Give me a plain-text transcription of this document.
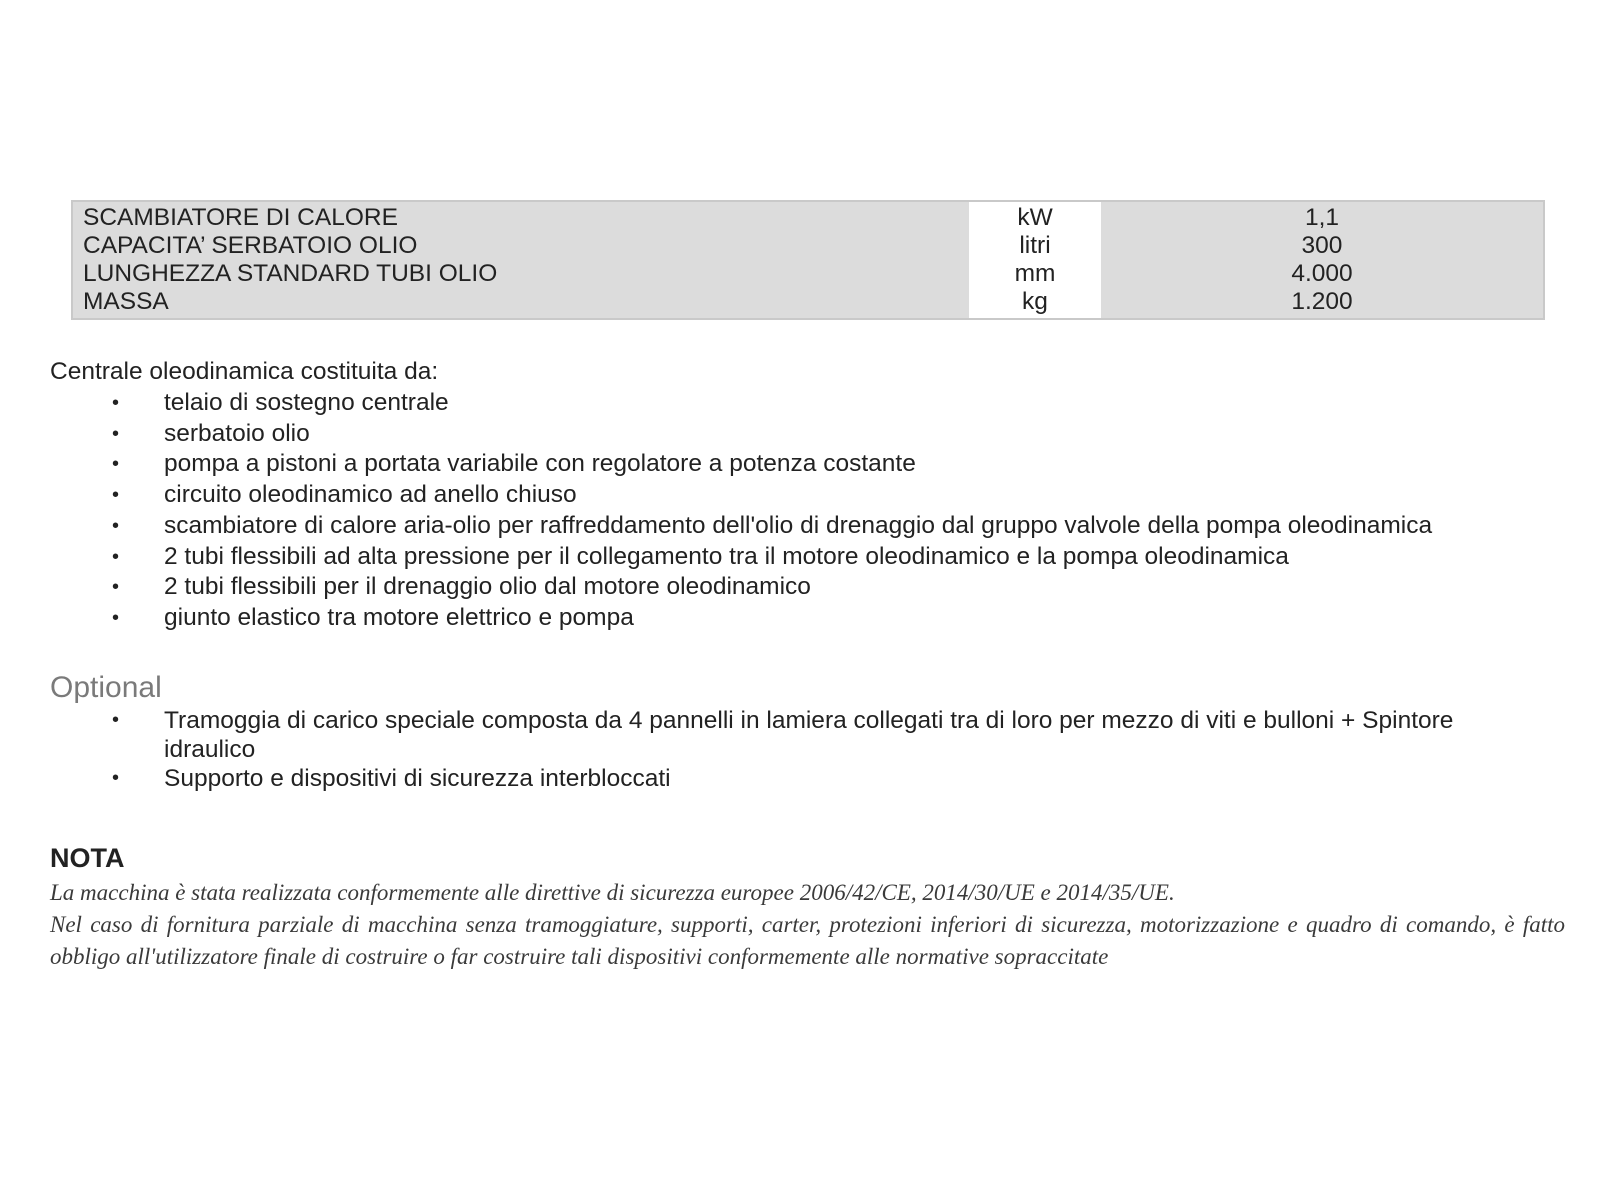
SCAMBIATORE DI CALORE	kW	1,1
CAPACITA’ SERBATOIO OLIO	litri	300
LUNGHEZZA STANDARD TUBI OLIO	mm	4.000
MASSA	kg	1.200
Centrale oleodinamica costituita da:
• telaio di sostegno centrale
• serbatoio olio
• pompa a pistoni a portata variabile con regolatore a potenza costante
• circuito oleodinamico ad anello chiuso
• scambiatore di calore aria-olio per raffreddamento dell'olio di drenaggio dal gruppo valvole della pompa oleodinamica
• 2 tubi flessibili ad alta pressione per il collegamento tra il motore oleodinamico e la pompa oleodinamica
• 2 tubi flessibili per il drenaggio olio dal motore oleodinamico
• giunto elastico tra motore elettrico e pompa
Optional
• Tramoggia di carico speciale composta da 4 pannelli in lamiera collegati tra di loro per mezzo di viti e bulloni + Spintore idraulico
• Supporto e dispositivi di sicurezza interbloccati
NOTA

La macchina è stata realizzata conformemente alle direttive di sicurezza europee 2006/42/CE, 2014/30/UE e 2014/35/UE.

Nel caso di fornitura parziale di macchina senza tramoggiature, supporti, carter, protezioni inferiori di sicurezza, motorizzazione e quadro di comando, è fatto obbligo all'utilizzatore finale di costruire o far costruire tali dispositivi conformemente alle normative sopraccitate
